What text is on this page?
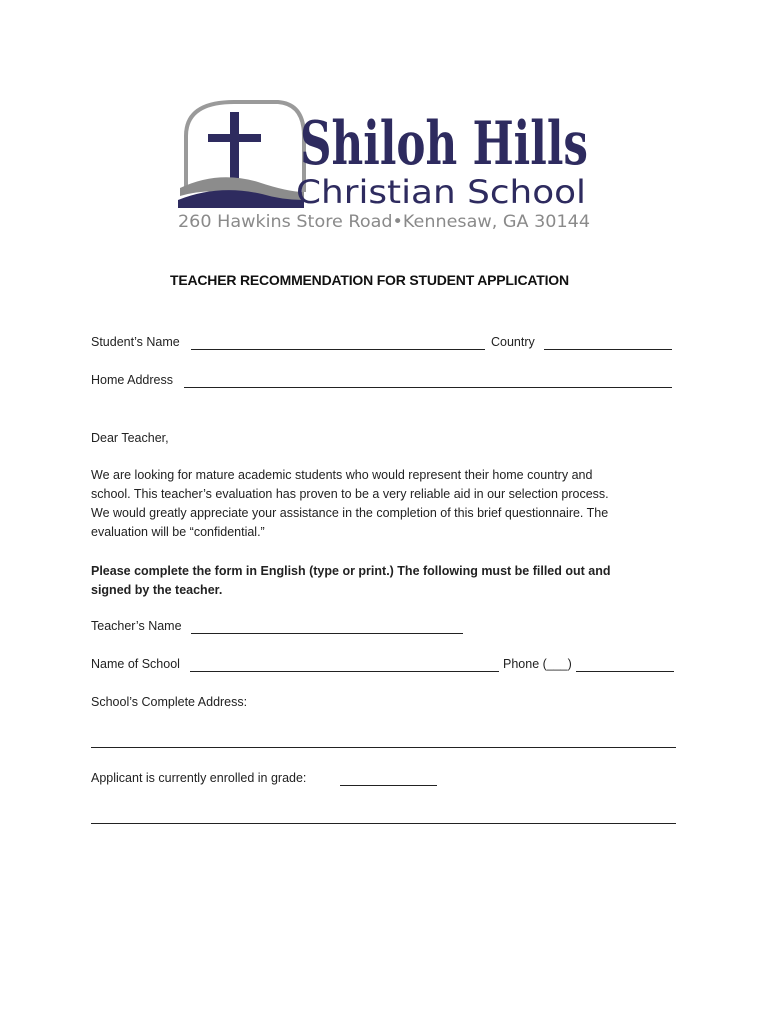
Shiloh Hills
Christian School
260 Hawkins Store Road•Kennesaw, GA 30144
TEACHER RECOMMENDATION FOR STUDENT APPLICATION
Student’s Name	Country
Home Address
Dear Teacher,

We are looking for mature academic students who would represent their home country and

school. This teacher’s evaluation has proven to be a very reliable aid in our selection process.

We would greatly appreciate your assistance in the completion of this brief questionnaire. The

evaluation will be “confidential.”

Please complete the form in English (type or print.) The following must be filled out and

signed by the teacher.

Teacher’s Name
Name of School	Phone (___)
School’s Complete Address:
Applicant is currently enrolled in grade:
